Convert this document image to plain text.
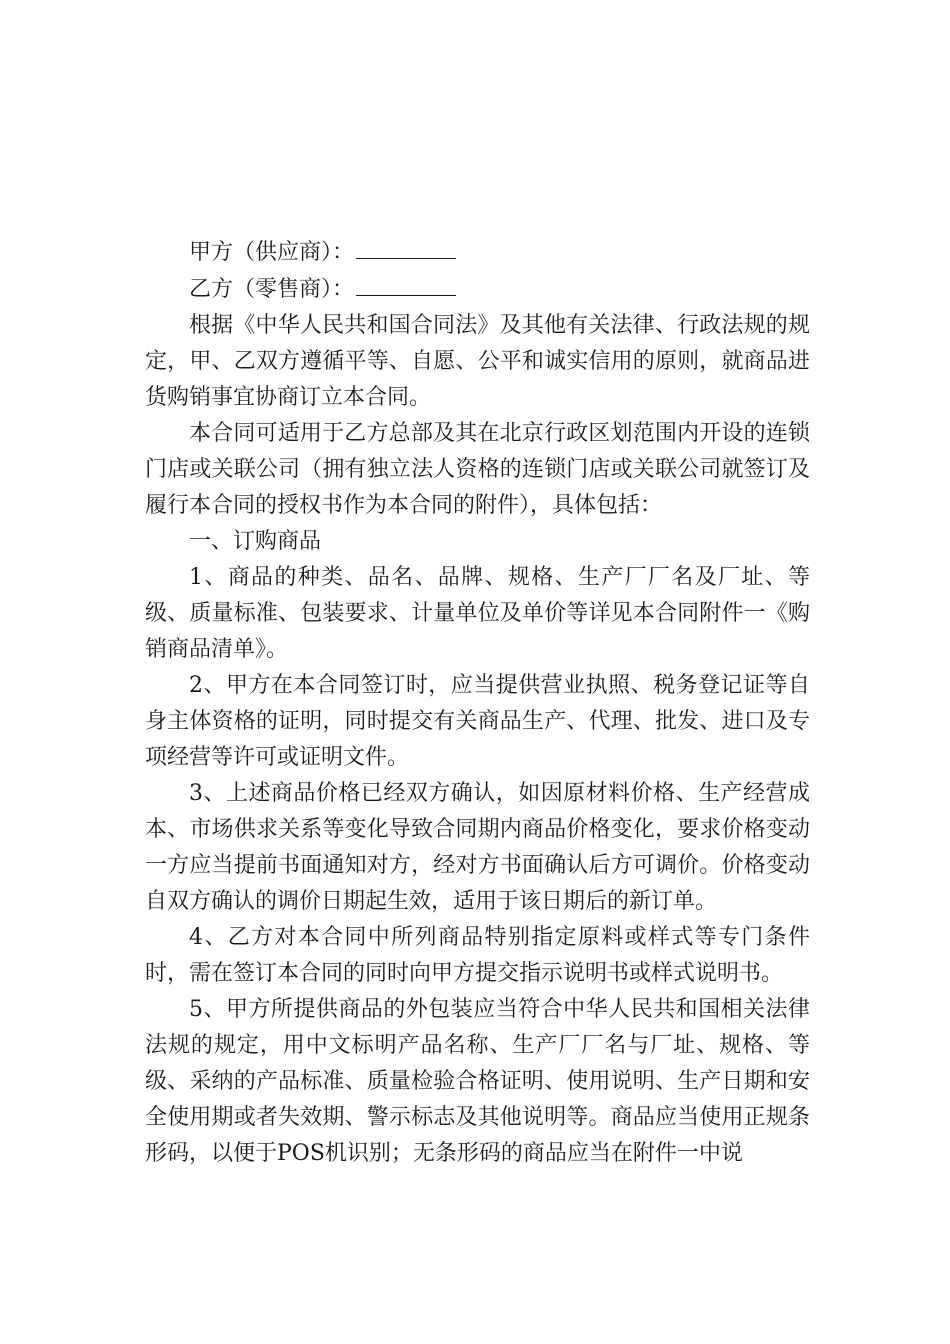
甲方（供应商）：

乙方（零售商）：

根据《中华人民共和国合同法》及其他有关法律、行政法规的规定，甲、乙双方遵循平等、自愿、公平和诚实信用的原则，就商品进货购销事宜协商订立本合同。

本合同可适用于乙方总部及其在北京行政区划范围内开设的连锁门店或关联公司（拥有独立法人资格的连锁门店或关联公司就签订及履行本合同的授权书作为本合同的附件），具体包括：

一、订购商品

1、商品的种类、品名、品牌、规格、生产厂厂名及厂址、等级、质量标准、包装要求、计量单位及单价等详见本合同附件一《购销商品清单》。

2、甲方在本合同签订时，应当提供营业执照、税务登记证等自身主体资格的证明，同时提交有关商品生产、代理、批发、进口及专项经营等许可或证明文件。

3、上述商品价格已经双方确认，如因原材料价格、生产经营成本、市场供求关系等变化导致合同期内商品价格变化，要求价格变动一方应当提前书面通知对方，经对方书面确认后方可调价。价格变动自双方确认的调价日期起生效，适用于该日期后的新订单。

4、乙方对本合同中所列商品特别指定原料或样式等专门条件时，需在签订本合同的同时向甲方提交指示说明书或样式说明书。

5、甲方所提供商品的外包装应当符合中华人民共和国相关法律法规的规定，用中文标明产品名称、生产厂厂名与厂址、规格、等级、采纳的产品标准、质量检验合格证明、使用说明、生产日期和安全使用期或者失效期、警示标志及其他说明等。商品应当使用正规条形码，以便于POS机识别；无条形码的商品应当在附件一中说
